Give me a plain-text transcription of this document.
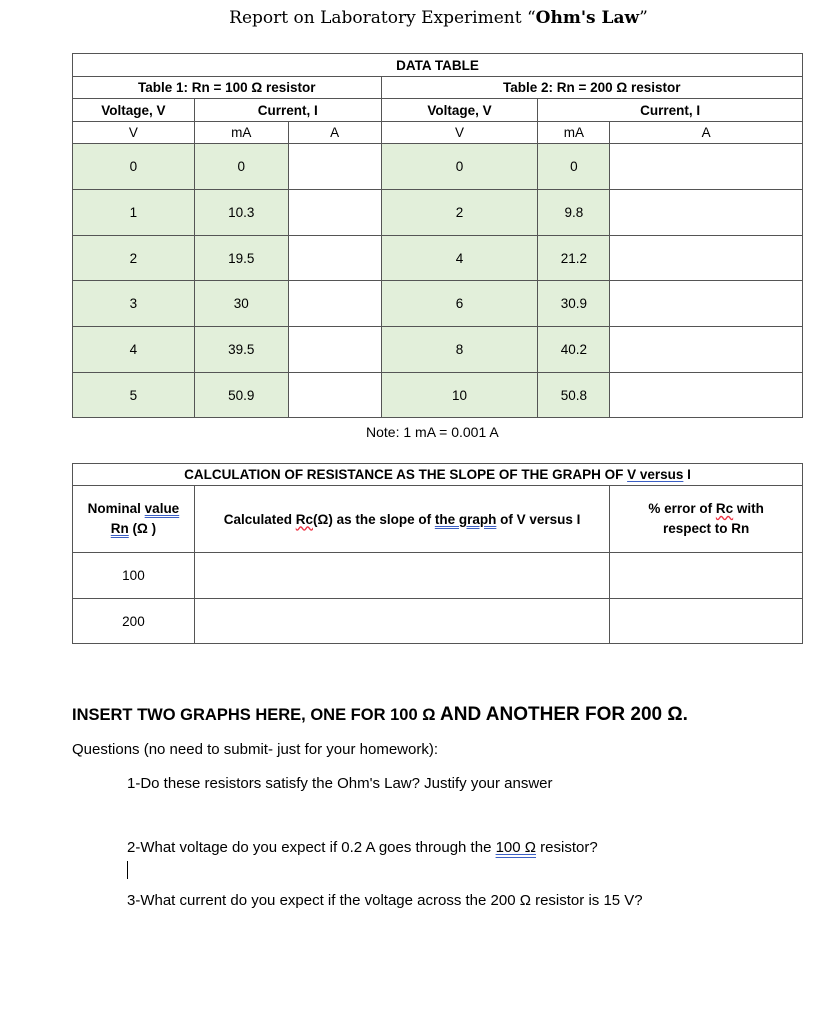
Report on Laboratory Experiment “Ohm's Law”
DATA TABLE					
Table 1: Rn = 100 Ω resistor			Table 2: Rn = 200 Ω resistor		
Voltage, V	Current, I		Voltage, V	Current, I	
V	mA	A	V	mA	A
0	0		0	0	
1	10.3		2	9.8	
2	19.5		4	21.2	
3	30		6	30.9	
4	39.5		8	40.2	
5	50.9		10	50.8	
Note: 1 mA = 0.001 A
CALCULATION OF RESISTANCE AS THE SLOPE OF THE GRAPH OF V versus I		
Nominal value
Rn (Ω )	Calculated Rc(Ω) as the slope of the graph of V versus I	% error of Rc with
respect to Rn
100		
200		
INSERT TWO GRAPHS HERE, ONE FOR 100 Ω AND ANOTHER FOR 200 Ω.
Questions (no need to submit- just for your homework):
1-Do these resistors satisfy the Ohm's Law? Justify your answer
2-What voltage do you expect if 0.2 A goes through the 100 Ω resistor?
3-What current do you expect if the voltage across the 200 Ω resistor is 15 V?
